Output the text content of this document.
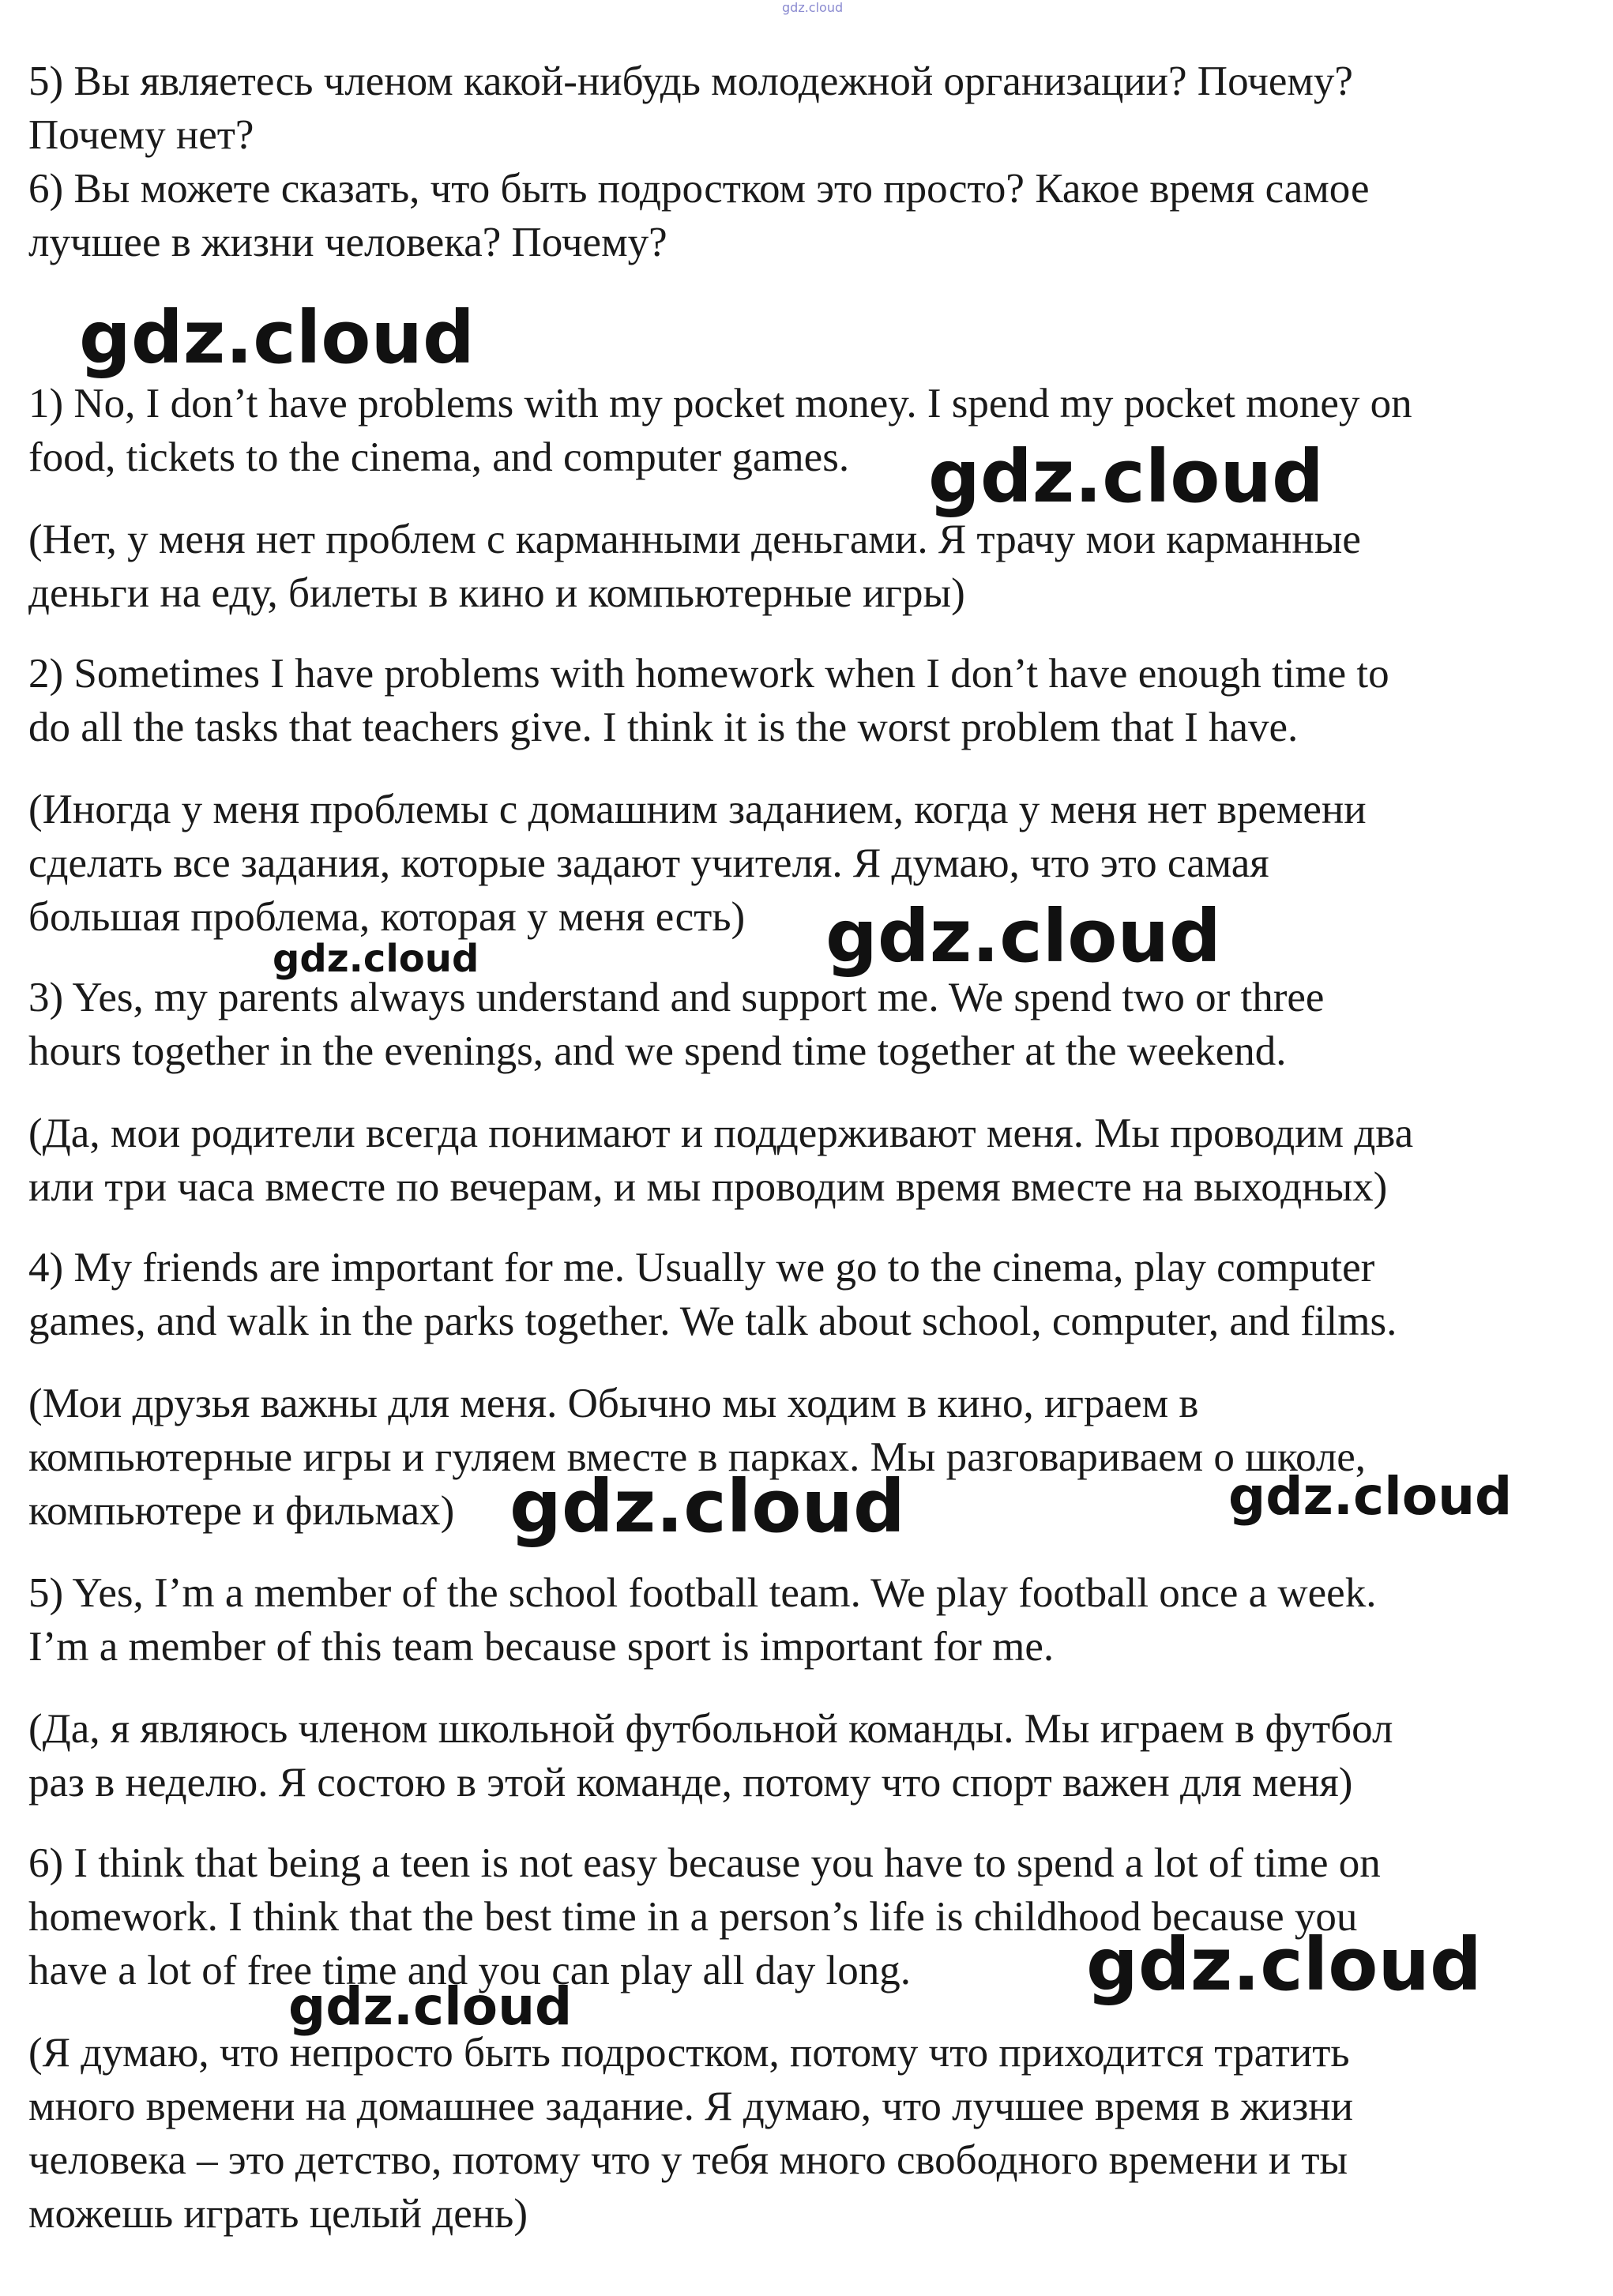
gdz.cloud
5) Вы являетесь членом какой-нибудь молодежной организации? Почему?
Почему нет?
6) Вы можете сказать, что быть подростком это просто? Какое время самое
лучшее в жизни человека? Почему?
1) No, I don’t have problems with my pocket money. I spend my pocket money on
food, tickets to the cinema, and computer games.
(Нет, у меня нет проблем с карманными деньгами. Я трачу мои карманные
деньги на еду, билеты в кино и компьютерные игры)
2) Sometimes I have problems with homework when I don’t have enough time to
do all the tasks that teachers give. I think it is the worst problem that I have.
(Иногда у меня проблемы с домашним заданием, когда у меня нет времени
сделать все задания, которые задают учителя. Я думаю, что это самая
большая проблема, которая у меня есть)
3) Yes, my parents always understand and support me. We spend two or three
hours together in the evenings, and we spend time together at the weekend.
(Да, мои родители всегда понимают и поддерживают меня. Мы проводим два
или три часа вместе по вечерам, и мы проводим время вместе на выходных)
4) My friends are important for me. Usually we go to the cinema, play computer
games, and walk in the parks together. We talk about school, computer, and films.
(Мои друзья важны для меня. Обычно мы ходим в кино, играем в
компьютерные игры и гуляем вместе в парках. Мы разговариваем о школе,
компьютере и фильмах)
5) Yes, I’m a member of the school football team. We play football once a week.
I’m a member of this team because sport is important for me.
(Да, я являюсь членом школьной футбольной команды. Мы играем в футбол
раз в неделю. Я состою в этой команде, потому что спорт важен для меня)
6) I think that being a teen is not easy because you have to spend a lot of time on
homework. I think that the best time in a person’s life is childhood because you
have a lot of free time and you can play all day long.
(Я думаю, что непросто быть подростком, потому что приходится тратить
много времени на домашнее задание. Я думаю, что лучшее время в жизни
человека – это детство, потому что у тебя много свободного времени и ты
можешь играть целый день)
gdz.cloud
gdz.cloud
gdz.cloud
gdz.cloud
gdz.cloud	gdz.cloud
gdz.cloud
gdz.cloud
